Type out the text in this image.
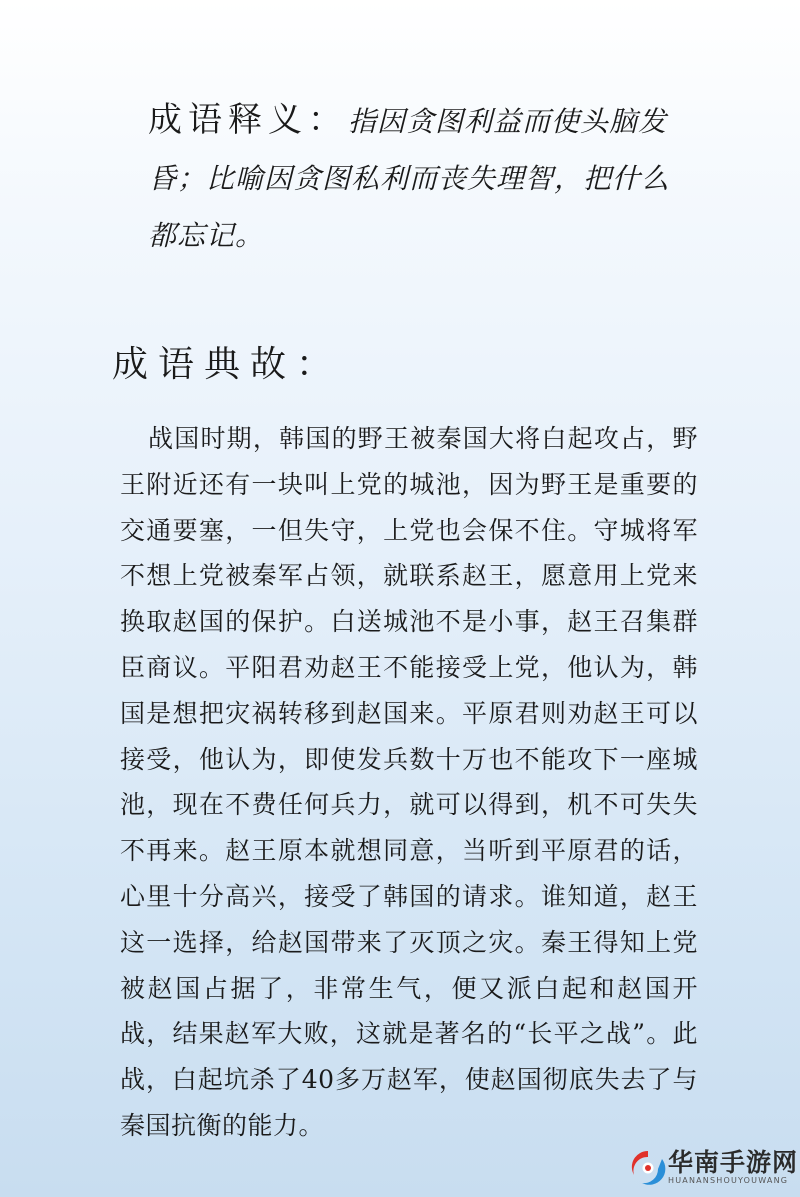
成语释义：指因贪图利益而使头脑发昏；比喻因贪图私利而丧失理智，把什么都忘记。

成语典故：

战国时期，韩国的野王被秦国大将白起攻占，野王附近还有一块叫上党的城池，因为野王是重要的交通要塞，一但失守，上党也会保不住。守城将军不想上党被秦军占领，就联系赵王，愿意用上党来换取赵国的保护。白送城池不是小事，赵王召集群臣商议。平阳君劝赵王不能接受上党，他认为，韩国是想把灾祸转移到赵国来。平原君则劝赵王可以接受，他认为，即使发兵数十万也不能攻下一座城池，现在不费任何兵力，就可以得到，机不可失失不再来。赵王原本就想同意，当听到平原君的话，心里十分高兴，接受了韩国的请求。谁知道，赵王这一选择，给赵国带来了灭顶之灾。秦王得知上党被赵国占据了，非常生气，便又派白起和赵国开战，结果赵军大败，这就是著名的“长平之战”。此战，白起坑杀了40多万赵军，使赵国彻底失去了与秦国抗衡的能力。

华南手游网
HUANANSHOUYOUWANG
